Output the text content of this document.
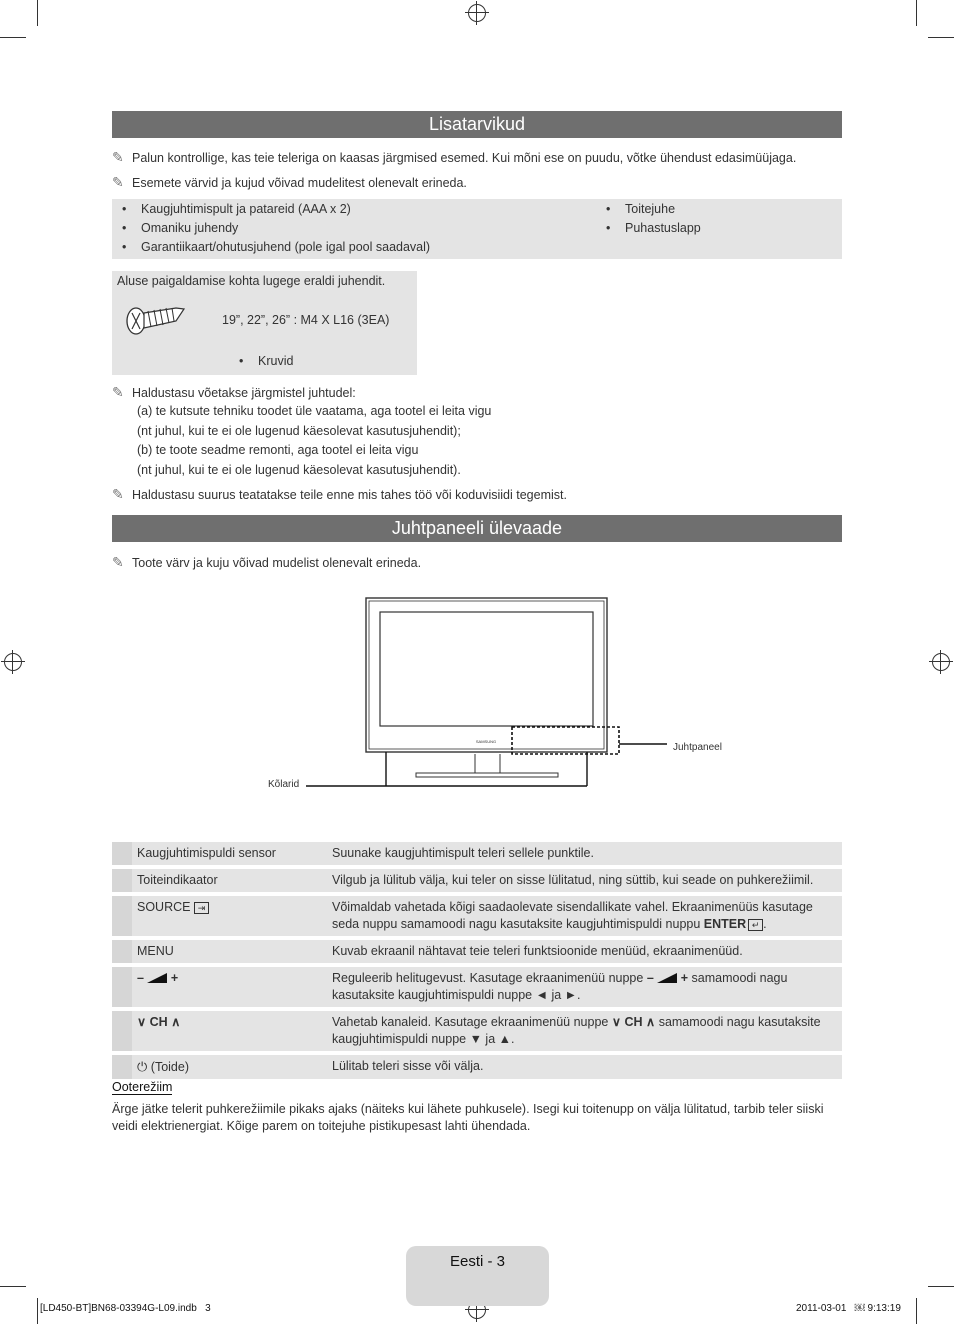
Lisatarvikud
✎ Palun kontrollige, kas teie teleriga on kaasas järgmised esemed. Kui mõni ese on puudu, võtke ühendust edasimüüjaga.
✎ Esemete värvid ja kujud võivad mudelitest olenevalt erineda.
• Kaugjuhtimispult ja patareid (AAA x 2)
• Omaniku juhendy
• Garantiikaart/ohutusjuhend (pole igal pool saadaval)
• Toitejuhe
• Puhastuslapp
Aluse paigaldamise kohta lugege eraldi juhendit.
19”, 22”, 26” : M4 X L16 (3EA)
• Kruvid
✎ Haldustasu võetakse järgmistel juhtudel:
(a) te kutsute tehniku toodet üle vaatama, aga tootel ei leita vigu
(nt juhul, kui te ei ole lugenud käesolevat kasutusjuhendit);
(b) te toote seadme remonti, aga tootel ei leita vigu
(nt juhul, kui te ei ole lugenud käesolevat kasutusjuhendit).
✎ Haldustasu suurus teatatakse teile enne mis tahes töö või koduvisiidi tegemist.
Juhtpaneeli ülevaade
✎ Toote värv ja kuju võivad mudelist olenevalt erineda.
SAMSUNG
Juhtpaneel
Kõlarid
	Kaugjuhtimispuldi sensor	Suunake kaugjuhtimispult teleri sellele punktile.
	Toiteindikaator	Vilgub ja lülitub välja, kui teler on sisse lülitatud, ning süttib, kui seade on puhkerežiimil.
	SOURCE ⇥	Võimaldab vahetada kõigi saadaolevate sisendallikate vahel. Ekraanimenüüs kasutage seda nuppu samamoodi nagu kasutaksite kaugjuhtimispuldi nuppu ENTER ↵ .
	MENU	Kuvab ekraanil nähtavat teie teleri funktsioonide menüüd, ekraanimenüüd.
	– +	Reguleerib helitugevust. Kasutage ekraanimenüü nuppe – + samamoodi nagu kasutaksite kaugjuhtimispuldi nuppe ◄ ja ►.
	∨ CH ∧	Vahetab kanaleid. Kasutage ekraanimenüü nuppe ∨ CH ∧ samamoodi nagu kasutaksite kaugjuhtimispuldi nuppe ▼ ja ▲.
	⏻ (Toide)	Lülitab teleri sisse või välja.
Ooterežiim
Ärge jätke telerit puhkerežiimile pikaks ajaks (näiteks kui lähete puhkusele). Isegi kui toitenupp on välja lülitatud, tarbib teler siiski veidi elektrienergiat. Kõige parem on toitejuhe pistikupesast lahti ühendada.
Eesti - 3
[LD450-BT]BN68-03394G-L09.indb   3	2011-03-01   ￼ 9:13:19
